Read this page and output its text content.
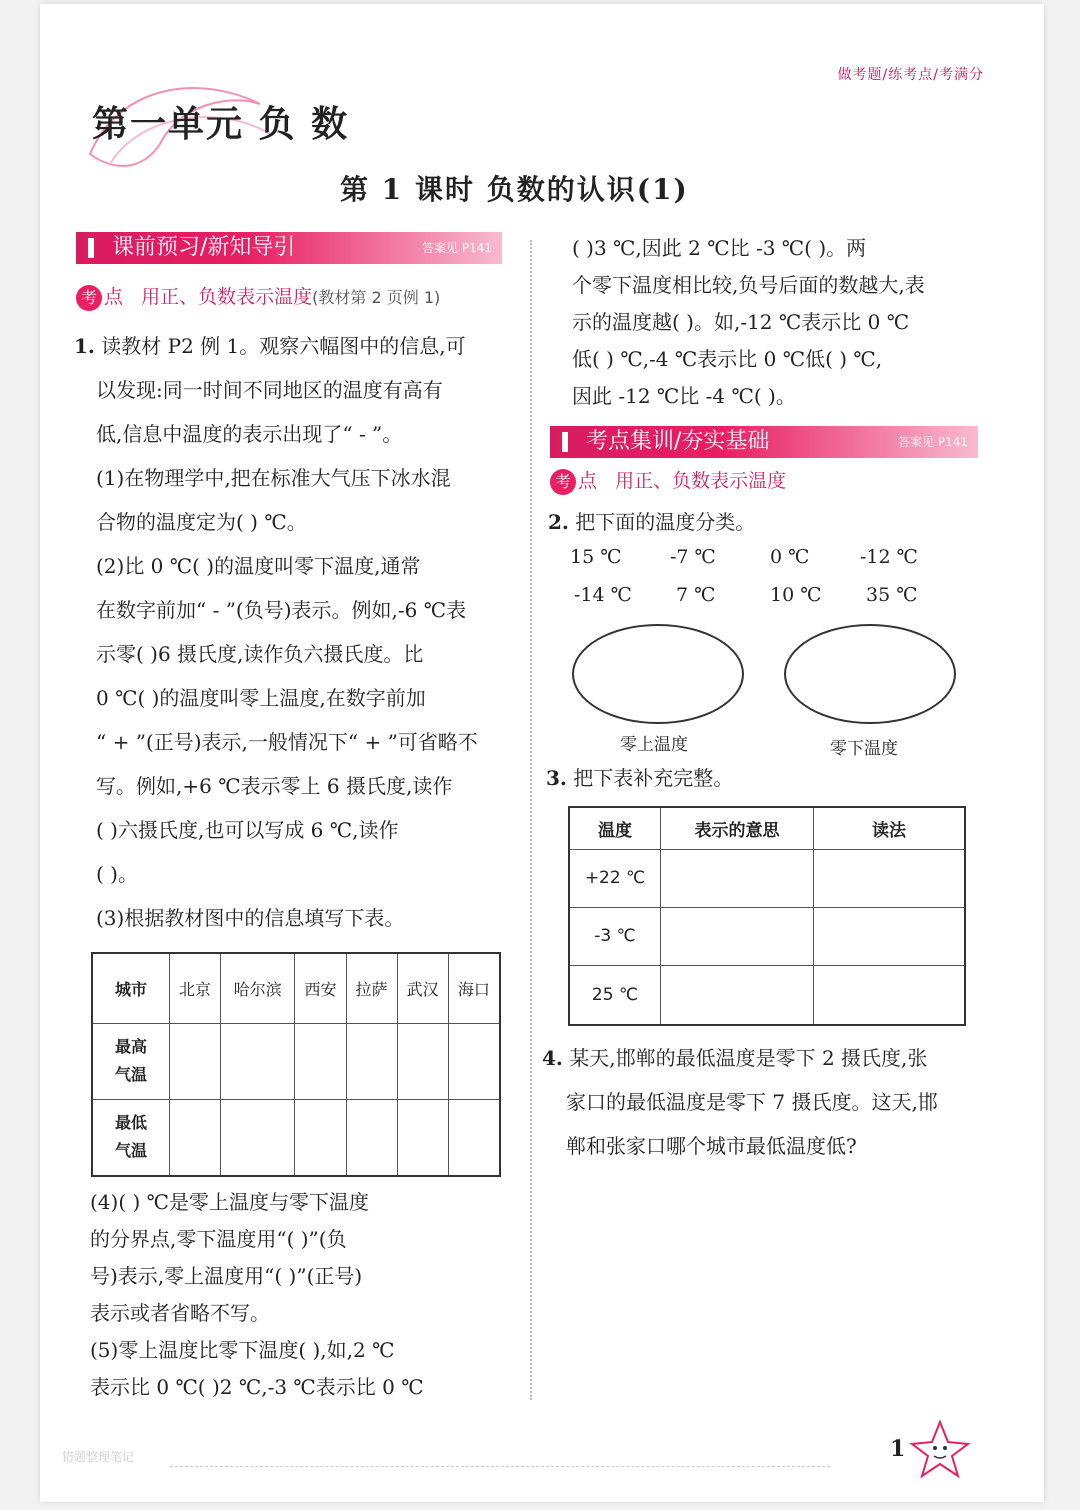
做考题/练考点/考满分
第一单元 负 数
第 1 课时 负数的认识(1)
课前预习/新知导引	答案见 P141
考 点 用正、负数表示温度(教材第 2 页例 1)
1. 读教材 P2 例 1。观察六幅图中的信息,可
以发现:同一时间不同地区的温度有高有
低,信息中温度的表示出现了“ - ”。
(1)在物理学中,把在标准大气压下冰水混
合物的温度定为( ) ℃。
(2)比 0 ℃( )的温度叫零下温度,通常
在数字前加“ - ”(负号)表示。例如,-6 ℃表
示零( )6 摄氏度,读作负六摄氏度。比
0 ℃( )的温度叫零上温度,在数字前加
“ + ”(正号)表示,一般情况下“ + ”可省略不
写。例如,+6 ℃表示零上 6 摄氏度,读作
( )六摄氏度,也可以写成 6 ℃,读作
( )。
(3)根据教材图中的信息填写下表。
城市	北京	哈尔滨	西安	拉萨	武汉	海口

最高
气温						

最低
气温						

(4)( ) ℃是零上温度与零下温度
的分界点,零下温度用“( )”(负
号)表示,零上温度用“( )”(正号)
表示或者省略不写。
(5)零上温度比零下温度( ),如,2 ℃
表示比 0 ℃( )2 ℃,-3 ℃表示比 0 ℃
( )3 ℃,因此 2 ℃比 -3 ℃( )。两
个零下温度相比较,负号后面的数越大,表
示的温度越( )。如,-12 ℃表示比 0 ℃
低( ) ℃,-4 ℃表示比 0 ℃低( ) ℃,
因此 -12 ℃比 -4 ℃( )。
考点集训/夯实基础	答案见 P141
考 点 用正、负数表示温度
2. 把下面的温度分类。
15 ℃	-7 ℃	0 ℃	-12 ℃
-14 ℃ 7 ℃	10 ℃ 35 ℃
零上温度	零下温度
3. 把下表补充完整。
温度	表示的意思	读法
+22 ℃		
-3 ℃		
25 ℃		
4. 某天,邯郸的最低温度是零下 2 摄氏度,张
家口的最低温度是零下 7 摄氏度。这天,邯
郸和张家口哪个城市最低温度低?
错题整理笔记	1
